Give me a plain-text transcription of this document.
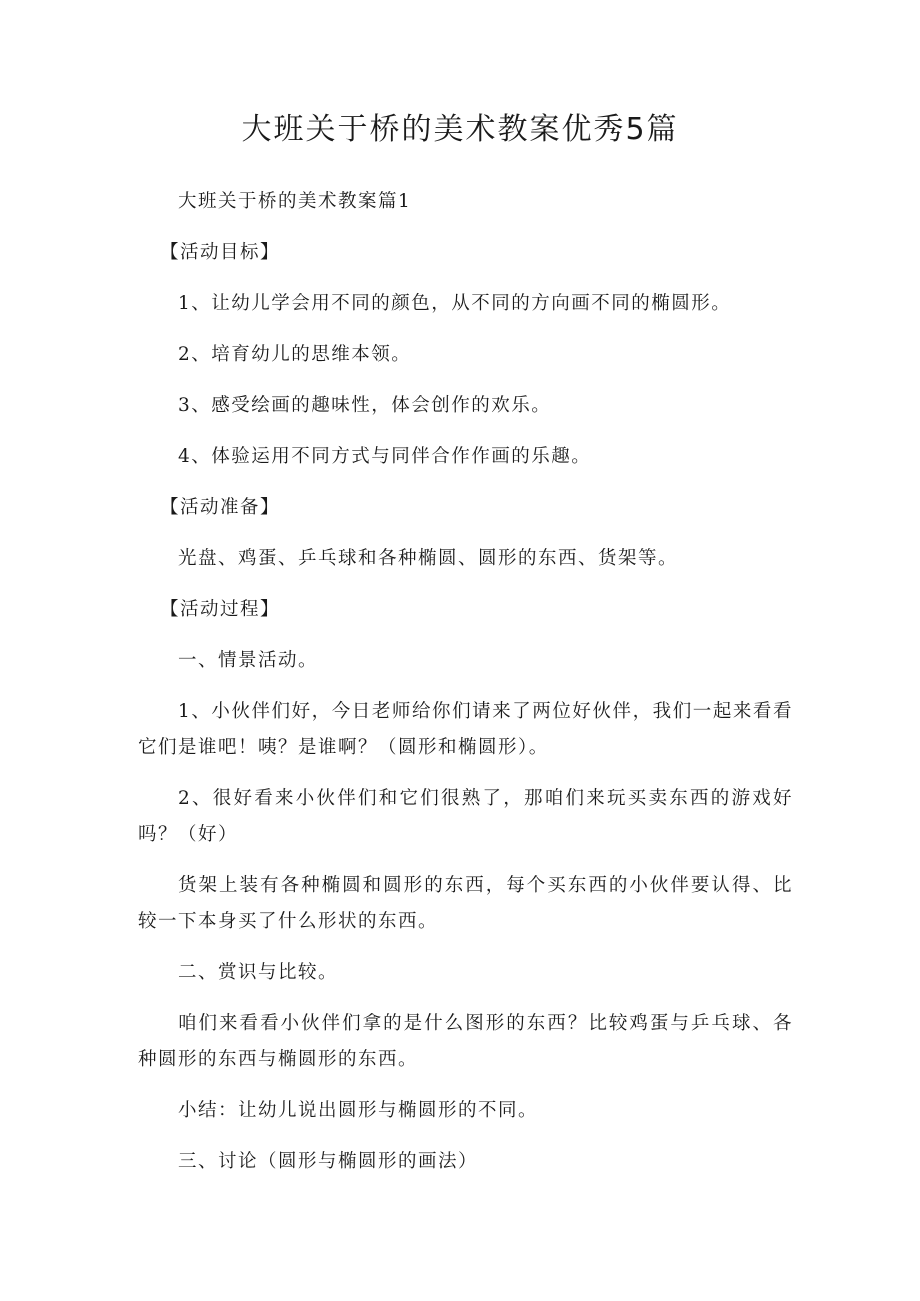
大班关于桥的美术教案优秀5篇

大班关于桥的美术教案篇1

【活动目标】

1、让幼儿学会用不同的颜色，从不同的方向画不同的椭圆形。

2、培育幼儿的思维本领。

3、感受绘画的趣味性，体会创作的欢乐。

4、体验运用不同方式与同伴合作作画的乐趣。

【活动准备】

光盘、鸡蛋、乒乓球和各种椭圆、圆形的东西、货架等。

【活动过程】

一、情景活动。

1、小伙伴们好，今日老师给你们请来了两位好伙伴，我们一起来看看它们是谁吧！咦？是谁啊？（圆形和椭圆形）。

2、很好看来小伙伴们和它们很熟了，那咱们来玩买卖东西的游戏好吗？（好）

货架上装有各种椭圆和圆形的东西，每个买东西的小伙伴要认得、比较一下本身买了什么形状的东西。

二、赏识与比较。

咱们来看看小伙伴们拿的是什么图形的东西？比较鸡蛋与乒乓球、各种圆形的东西与椭圆形的东西。

小结：让幼儿说出圆形与椭圆形的不同。

三、讨论（圆形与椭圆形的画法）
